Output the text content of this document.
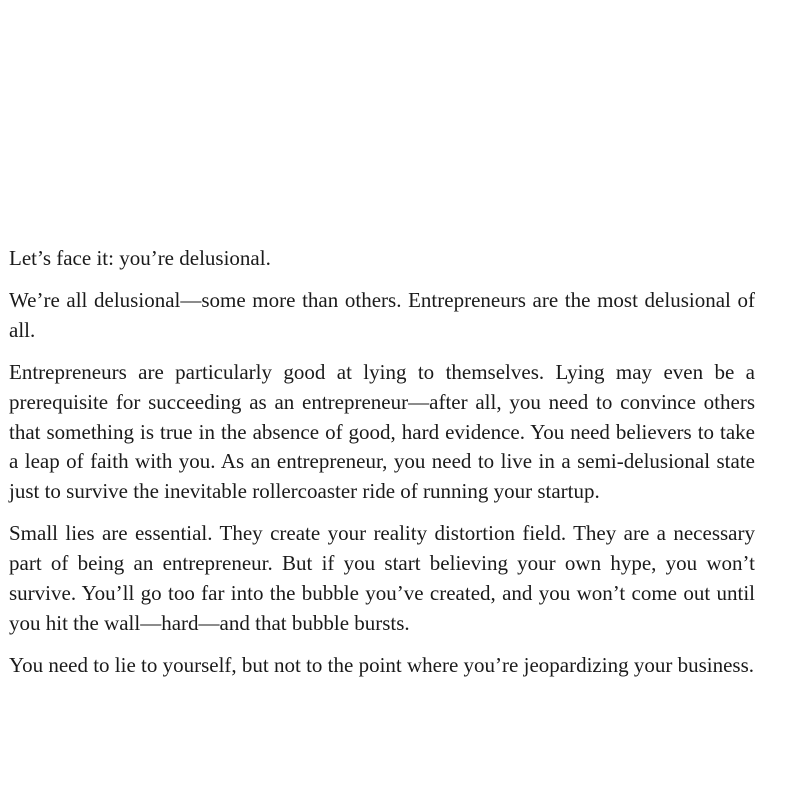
Let’s face it: you’re delusional.

We’re all delusional—some more than others. Entrepreneurs are the most delusional of all.

Entrepreneurs are particularly good at lying to themselves. Lying may even be a prerequisite for succeeding as an entrepreneur—after all, you need to convince others that something is true in the absence of good, hard evidence. You need believers to take a leap of faith with you. As an entrepreneur, you need to live in a semi-delusional state just to survive the inevitable rollercoaster ride of running your startup.

Small lies are essential. They create your reality distortion field. They are a necessary part of being an entrepreneur. But if you start believing your own hype, you won’t survive. You’ll go too far into the bubble you’ve created, and you won’t come out until you hit the wall—hard—and that bubble bursts.

You need to lie to yourself, but not to the point where you’re jeopardizing your business.
